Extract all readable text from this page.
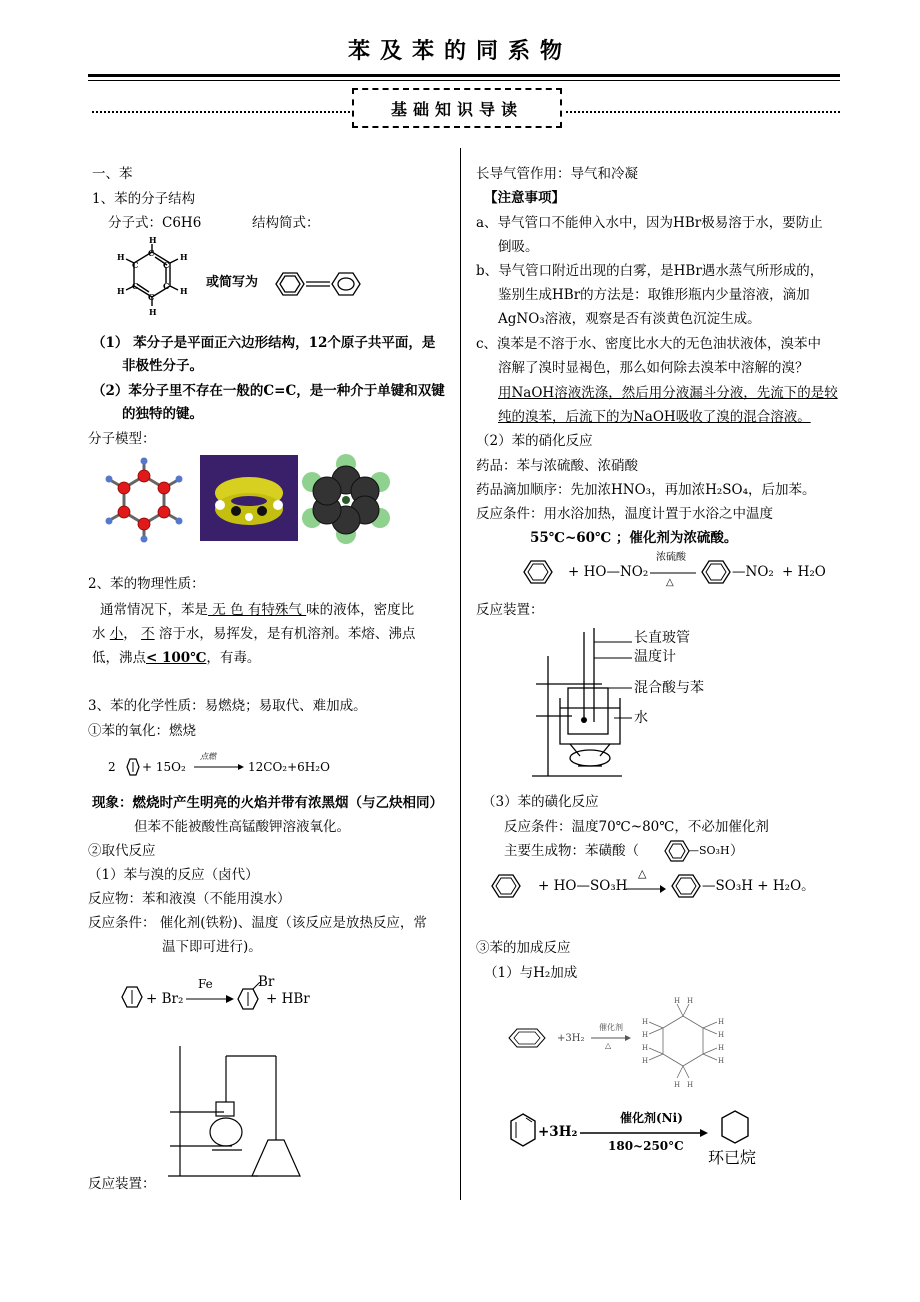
苯及苯的同系物
基础知识导读
一、苯
1、苯的分子结构
分子式：C6H6	结构简式：
H
H
H
H
H
H	C
C
C
C
C
C
或简写为
（1） 苯分子是平面正六边形结构，12个原子共平面，是
非极性分子。
（2）苯分子里不存在一般的C=C，是一种介于单键和双键
的独特的键。
分子模型：
2、苯的物理性质：
通常情况下，苯是 无 色 有特殊气 味的液体，密度比
水 小， 不 溶于水，易挥发，是有机溶剂。苯熔、沸点
低，沸点< 100℃，有毒。
3、苯的化学性质：易燃烧；易取代、难加成。
①苯的氧化：燃烧
2 + 15O₂
点燃
12CO₂+6H₂O
现象：燃烧时产生明亮的火焰并带有浓黑烟（与乙炔相同）
但苯不能被酸性高锰酸钾溶液氧化。
②取代反应
（1）苯与溴的反应（卤代）
反应物：苯和液溴（不能用溴水）
反应条件： 催化剂(铁粉)、温度（该反应是放热反应，常
温下即可进行)。
+ Br₂
Fe	Br
+ HBr
反应装置：
长导气管作用：导气和冷凝
【注意事项】
a、导气管口不能伸入水中，因为HBr极易溶于水，要防止
倒吸。
b、导气管口附近出现的白雾，是HBr遇水蒸气所形成的，
鉴别生成HBr的方法是：取锥形瓶内少量溶液，滴加
AgNO₃溶液，观察是否有淡黄色沉淀生成。
c、溴苯是不溶于水、密度比水大的无色油状液体，溴苯中
溶解了溴时显褐色，那么如何除去溴苯中溶解的溴？
用NaOH溶液洗涤，然后用分液漏斗分液，先流下的是较
纯的溴苯，后流下的为NaOH吸收了溴的混合溶液。
（2）苯的硝化反应
药品：苯与浓硫酸、浓硝酸
药品滴加顺序：先加浓HNO₃，再加浓H₂SO₄，后加苯。
反应条件：用水浴加热，温度计置于水浴之中温度
55℃~60℃ ；催化剂为浓硫酸。
+ HO—NO₂
浓硫酸
△
—NO₂ + H₂O
反应装置：
长直玻管
温度计
混合酸与苯
水
（3）苯的磺化反应
反应条件：温度70℃~80℃，不必加催化剂
主要生成物：苯磺酸（	—SO₃H ）
+ HO—SO₃H
△
—SO₃H + H₂O。
③苯的加成反应
（1）与H₂加成
+3H₂
催化剂
△
H H
H
H
H
H
H H
H
H
H
H
+3H₂
催化剂(Ni)
180~250°C
环已烷
